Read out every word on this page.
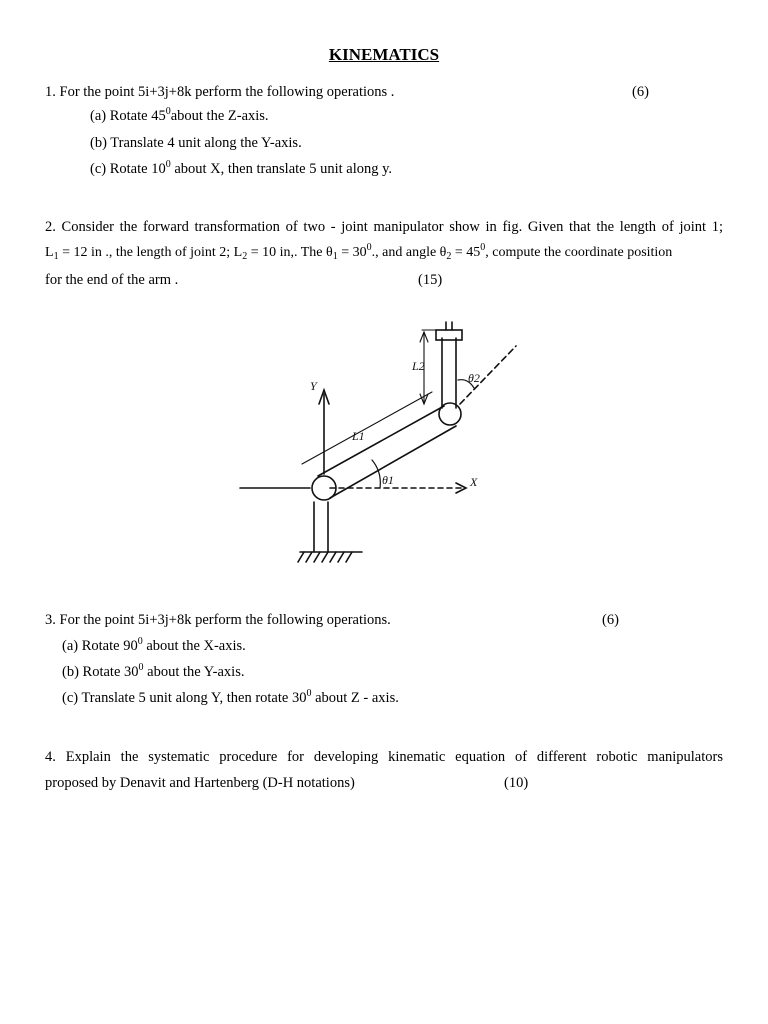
KINEMATICS
1. For the point 5i+3j+8k perform the following operations .	(6)
(a) Rotate $45^0about$ the Z-axis.
(b) Translate 4 unit along the Y-axis.
(c) Rotate $10^0$ about X, then translate 5 unit along y.
2. Consider the forward transformation of two - joint manipulator show in fig. Given that the length of joint 1;
$L_1 = 12$ in ., the length of joint 2; $L_2 = 10$ in,. The $\theta_1 = 30^0$., and angle $\theta_2 = 45^0$, compute the coordinate position
for the end of the arm .	(15)
Y
L1
L2
θ1
θ2
X
3. For the point 5i+3j+8k perform the following operations.	(6)
(a) Rotate $90^0$ about the X-axis.
(b) Rotate $30^0$ about the Y-axis.
(c) Translate 5 unit along Y, then rotate $30^0$ about Z - axis.
4. Explain the systematic procedure for developing kinematic equation of different robotic manipulators
proposed by Denavit and Hartenberg (D-H notations)	(10)
